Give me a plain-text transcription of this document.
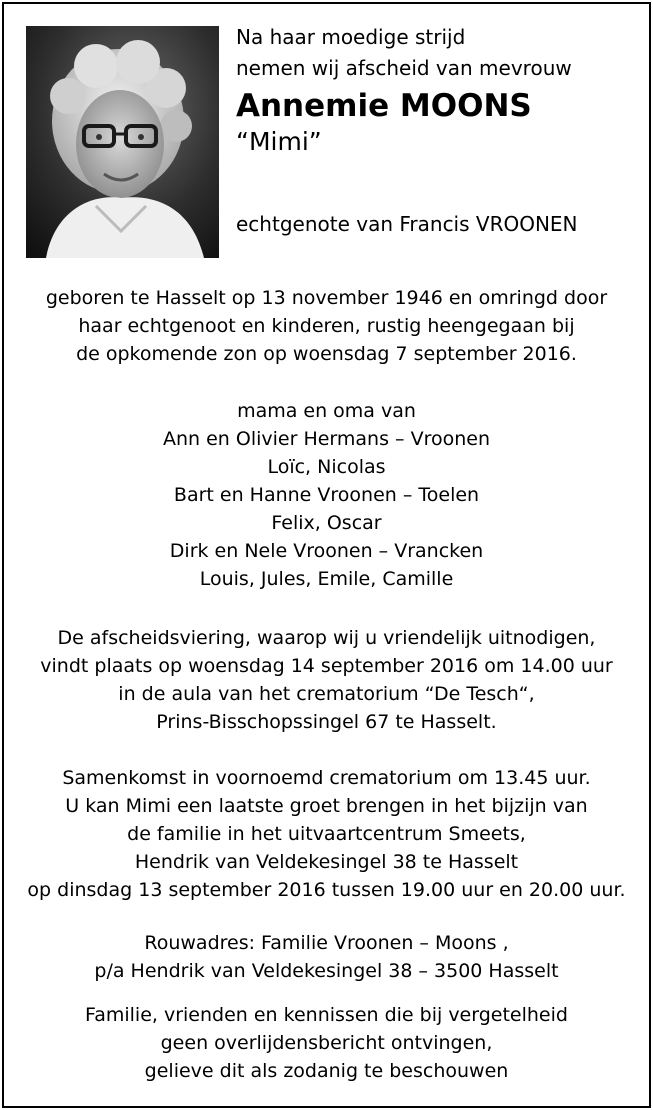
Na haar moedige strijd
nemen wij afscheid van mevrouw
Annemie MOONS
“Mimi”
echtgenote van Francis VROONEN
geboren te Hasselt op 13 november 1946 en omringd door
haar echtgenoot en kinderen, rustig heengegaan bij
de opkomende zon op woensdag 7 september 2016.
mama en oma van
Ann en Olivier Hermans – Vroonen
Loïc, Nicolas
Bart en Hanne Vroonen – Toelen
Felix, Oscar
Dirk en Nele Vroonen – Vrancken
Louis, Jules, Emile, Camille
De afscheidsviering, waarop wij u vriendelijk uitnodigen,
vindt plaats op woensdag 14 september 2016 om 14.00 uur
in de aula van het crematorium “De Tesch“,
Prins-Bisschopssingel 67 te Hasselt.
Samenkomst in voornoemd crematorium om 13.45 uur.
U kan Mimi een laatste groet brengen in het bijzijn van
de familie in het uitvaartcentrum Smeets,
Hendrik van Veldekesingel 38 te Hasselt
op dinsdag 13 september 2016 tussen 19.00 uur en 20.00 uur.
Rouwadres: Familie Vroonen – Moons ,
p/a Hendrik van Veldekesingel 38 – 3500 Hasselt
Familie, vrienden en kennissen die bij vergetelheid
geen overlijdensbericht ontvingen,
gelieve dit als zodanig te beschouwen
